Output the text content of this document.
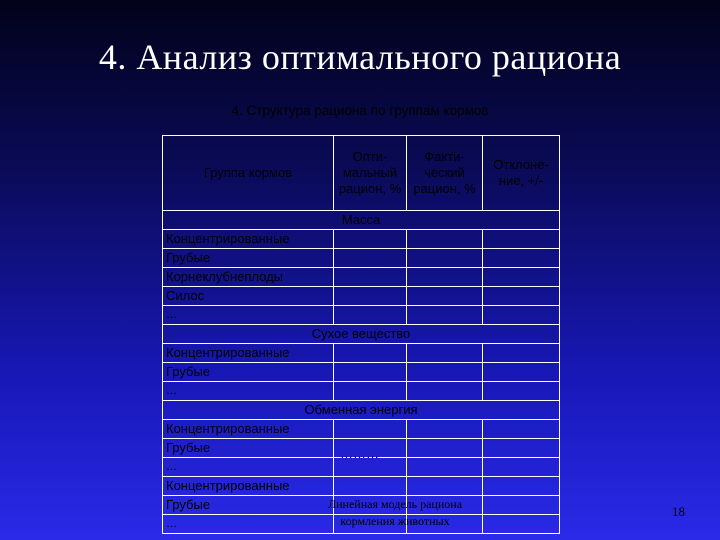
4. Анализ оптимального рациона
4. Структура рациона по группам кормов
Группа кормов	Опти-мальный рацион, %	Факти-ческий рацион, %	Отклоне-ние, +/-
Масса			
Концентрированные			
Грубые			
Корнеклубнеплоды			
Силос			
…			
Сухое вещество			
Концентрированные			
Грубые			
…			
Обменная энергия			
Концентрированные			
Грубые			
…			
Концентрированные			
Грубые			
…			
………
Линейная модель рациона кормления животных
18
